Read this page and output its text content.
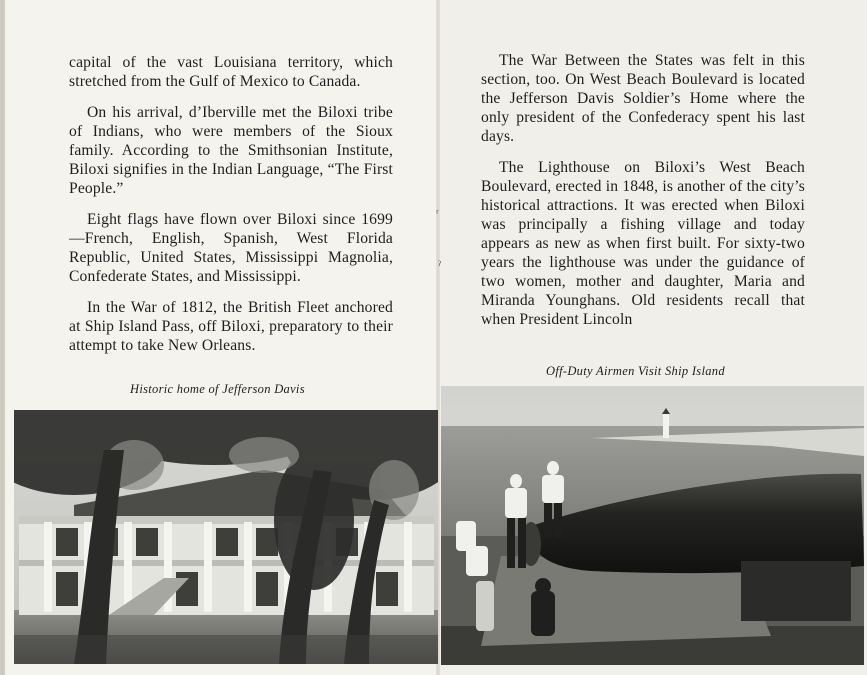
capital of the vast Louisiana territory, which stretched from the Gulf of Mexico to Canada.

On his arrival, d’Iberville met the Biloxi tribe of Indians, who were members of the Sioux family. According to the Smithsonian Institute, Biloxi signifies in the Indian Language, “The First People.”

Eight flags have flown over Biloxi since 1699—French, English, Spanish, West Florida Republic, United States, Mississippi Magnolia, Confederate States, and Mississippi.

In the War of 1812, the British Fleet anchored at Ship Island Pass, off Biloxi, preparatory to their attempt to take New Orleans.

The War Between the States was felt in this section, too. On West Beach Boulevard is located the Jefferson Davis Soldier’s Home where the only president of the Confederacy spent his last days.

The Lighthouse on Biloxi’s West Beach Boulevard, erected in 1848, is another of the city’s historical attractions. It was erected when Biloxi was principally a fishing village and today appears as new as when first built. For sixty-two years the lighthouse was under the guidance of two women, mother and daughter, Maria and Miranda Younghans. Old residents recall that when President Lincoln

ʳ
ˀ
Historic home of Jefferson Davis
Off-Duty Airmen Visit Ship Island
